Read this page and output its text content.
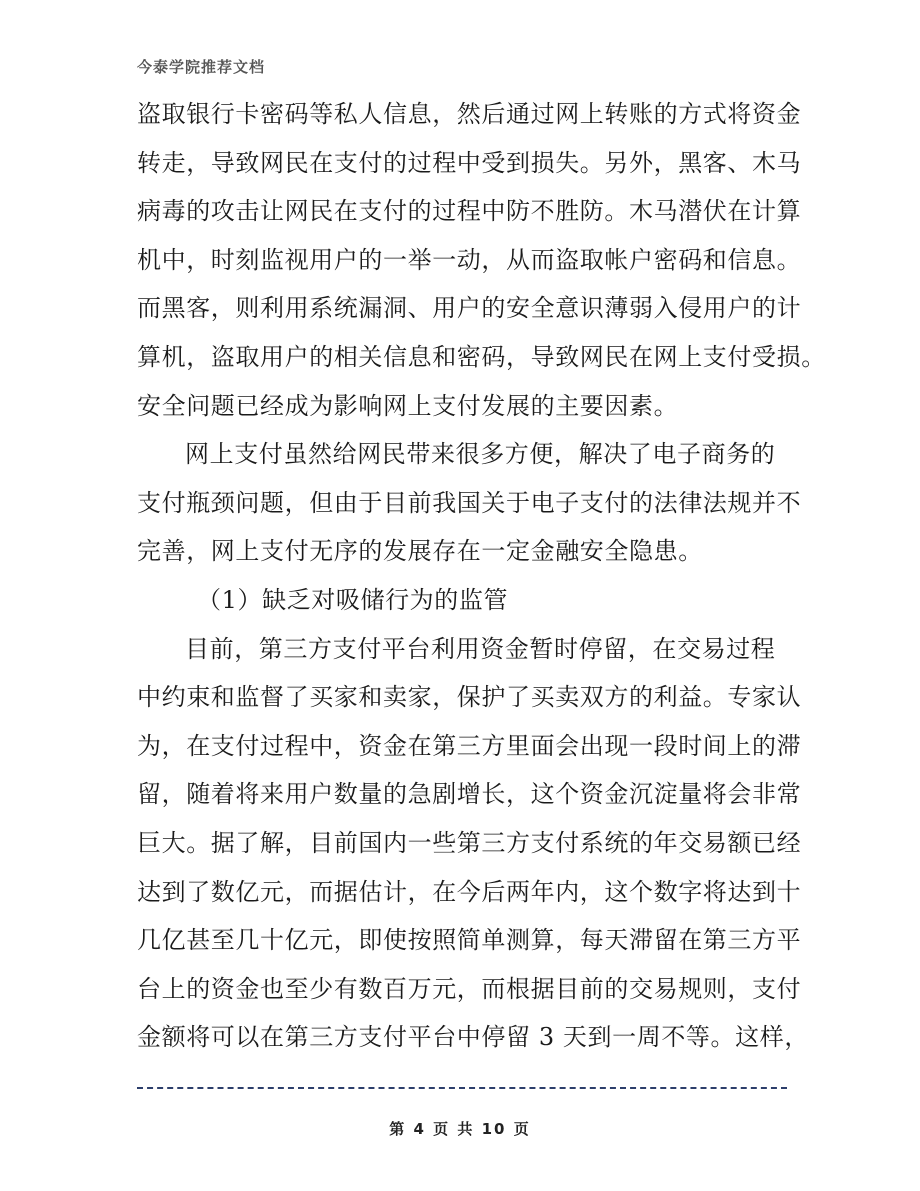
今泰学院推荐文档
盗取银行卡密码等私人信息，然后通过网上转账的方式将资金
转走，导致网民在支付的过程中受到损失。另外，黑客、木马
病毒的攻击让网民在支付的过程中防不胜防。木马潜伏在计算
机中，时刻监视用户的一举一动，从而盗取帐户密码和信息。
而黑客，则利用系统漏洞、用户的安全意识薄弱入侵用户的计
算机，盗取用户的相关信息和密码，导致网民在网上支付受损。
安全问题已经成为影响网上支付发展的主要因素。
网上支付虽然给网民带来很多方便，解决了电子商务的
支付瓶颈问题，但由于目前我国关于电子支付的法律法规并不
完善，网上支付无序的发展存在一定金融安全隐患。
（1）缺乏对吸储行为的监管
目前，第三方支付平台利用资金暂时停留，在交易过程
中约束和监督了买家和卖家，保护了买卖双方的利益。专家认
为，在支付过程中，资金在第三方里面会出现一段时间上的滞
留，随着将来用户数量的急剧增长，这个资金沉淀量将会非常
巨大。据了解，目前国内一些第三方支付系统的年交易额已经
达到了数亿元，而据估计，在今后两年内，这个数字将达到十
几亿甚至几十亿元，即使按照简单测算，每天滞留在第三方平
台上的资金也至少有数百万元，而根据目前的交易规则，支付
金额将可以在第三方支付平台中停留 3 天到一周不等。这样，
第 4 页 共 10 页
